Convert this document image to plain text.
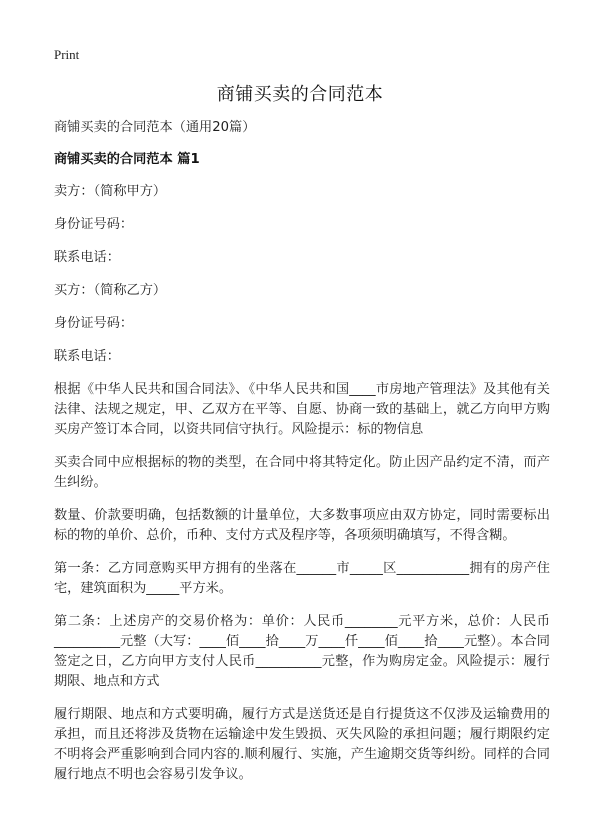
Print
商铺买卖的合同范本

商铺买卖的合同范本（通用20篇）

商铺买卖的合同范本 篇1

卖方：（简称甲方）

身份证号码：

联系电话：

买方：（简称乙方）

身份证号码：

联系电话：

根据《中华人民共和国合同法》、《中华人民共和国____市房地产管理法》及其他有关法律、法规之规定，甲、乙双方在平等、自愿、协商一致的基础上，就乙方向甲方购买房产签订本合同，以资共同信守执行。风险提示：标的物信息

买卖合同中应根据标的物的类型，在合同中将其特定化。防止因产品约定不清，而产生纠纷。

数量、价款要明确，包括数额的计量单位，大多数事项应由双方协定，同时需要标出标的物的单价、总价，币种、支付方式及程序等，各项须明确填写，不得含糊。

第一条：乙方同意购买甲方拥有的坐落在______市_____区___________拥有的房产住宅，建筑面积为_____平方米。

第二条：上述房产的交易价格为：单价：人民币________元平方米，总价：人民币__________元整（大写：____佰____拾____万____仟____佰____拾____元整）。本合同签定之日，乙方向甲方支付人民币__________元整，作为购房定金。风险提示：履行期限、地点和方式

履行期限、地点和方式要明确，履行方式是送货还是自行提货这不仅涉及运输费用的承担，而且还将涉及货物在运输途中发生毁损、灭失风险的承担问题；履行期限约定不明将会严重影响到合同内容的.顺利履行、实施，产生逾期交货等纠纷。同样的合同履行地点不明也会容易引发争议。
